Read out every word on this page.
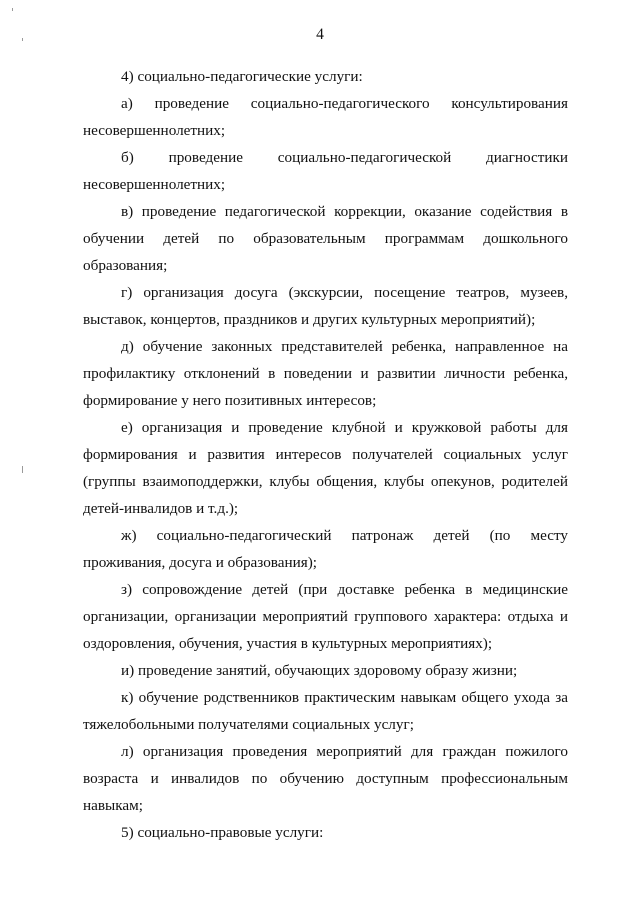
4

4) социально-педагогические услуги:

а) проведение социально-педагогического консультирования несовершеннолетних;

б) проведение социально-педагогической диагностики несовершеннолетних;

в) проведение педагогической коррекции, оказание содействия в обучении детей по образовательным программам дошкольного образования;

г) организация досуга (экскурсии, посещение театров, музеев, выставок, концертов, праздников и других культурных мероприятий);

д) обучение законных представителей ребенка, направленное на профилактику отклонений в поведении и развитии личности ребенка, формирование у него позитивных интересов;

е) организация и проведение клубной и кружковой работы для формирования и развития интересов получателей социальных услуг (группы взаимоподдержки, клубы общения, клубы опекунов, родителей детей-инвалидов и т.д.);

ж) социально-педагогический патронаж детей (по месту проживания, досуга и образования);

з) сопровождение детей (при доставке ребенка в медицинские организации, организации мероприятий группового характера: отдыха и оздоровления, обучения, участия в культурных мероприятиях);

и) проведение занятий, обучающих здоровому образу жизни;

к) обучение родственников практическим навыкам общего ухода за тяжелобольными получателями социальных услуг;

л) организация проведения мероприятий для граждан пожилого возраста и инвалидов по обучению доступным профессиональным навыкам;

5) социально-правовые услуги:
